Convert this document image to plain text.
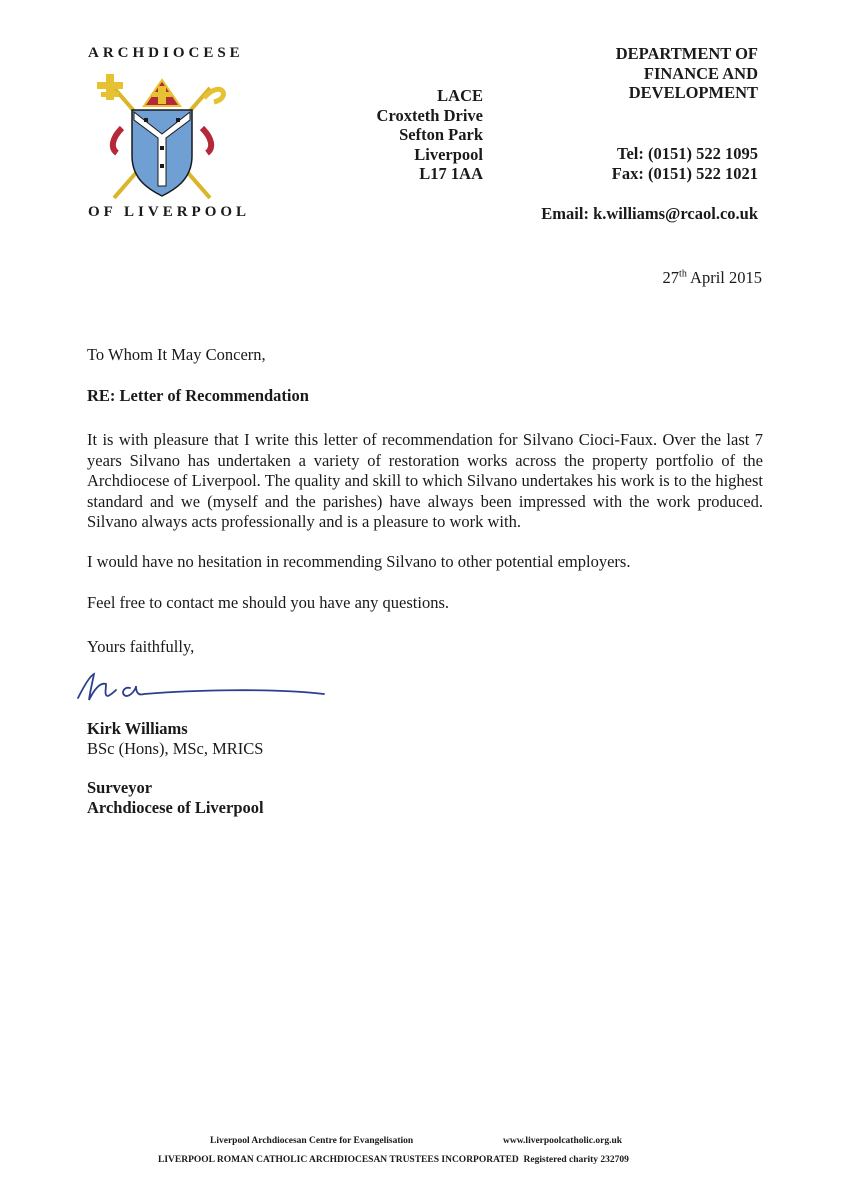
ARCHDIOCESE
OF LIVERPOOL
LACE
Croxteth Drive
Sefton Park
Liverpool
L17 1AA
DEPARTMENT OF
FINANCE AND
DEVELOPMENT
Tel: (0151) 522 1095
Fax: (0151) 522 1021
Email: k.williams@rcaol.co.uk
27th April 2015
To Whom It May Concern,
RE: Letter of Recommendation
It is with pleasure that I write this letter of recommendation for Silvano Cioci-Faux. Over the last 7 years Silvano has undertaken a variety of restoration works across the property portfolio of the Archdiocese of Liverpool. The quality and skill to which Silvano undertakes his work is to the highest standard and we (myself and the parishes) have always been impressed with the work produced. Silvano always acts professionally and is a pleasure to work with.
I would have no hesitation in recommending Silvano to other potential employers.
Feel free to contact me should you have any questions.
Yours faithfully,
Kirk Williams
BSc (Hons), MSc, MRICS
Surveyor
Archdiocese of Liverpool
Liverpool Archdiocesan Centre for Evangelisation	www.liverpoolcatholic.org.uk
LIVERPOOL ROMAN CATHOLIC ARCHDIOCESAN TRUSTEES INCORPORATED Registered charity 232709
